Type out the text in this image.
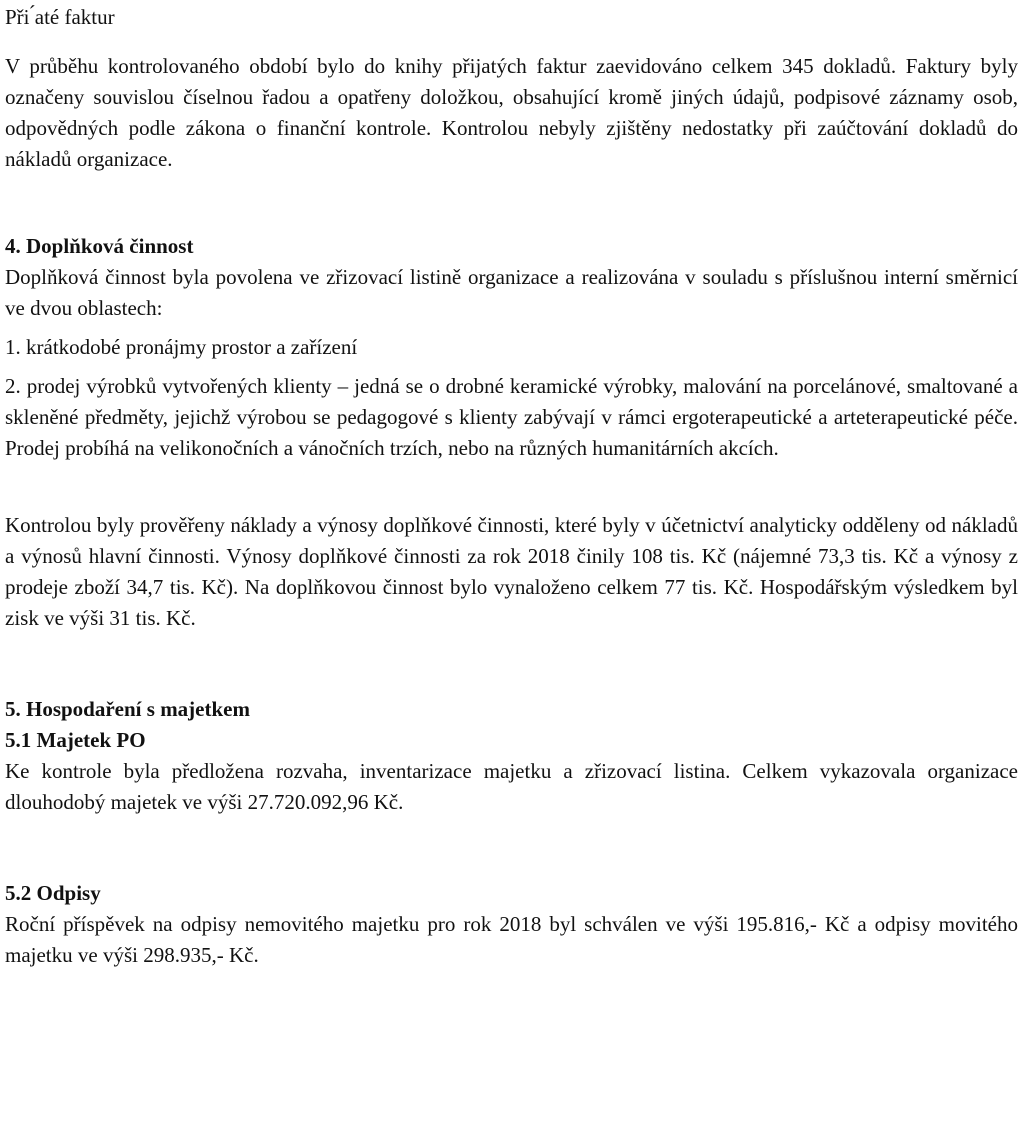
Při ́até faktur

V průběhu kontrolovaného období bylo do knihy přijatých faktur zaevidováno celkem 345 dokladů. Faktury byly označeny souvislou číselnou řadou a opatřeny doložkou, obsahující kromě jiných údajů, podpisové záznamy osob, odpovědných podle zákona o finanční kontrole. Kontrolou nebyly zjištěny nedostatky při zaúčtování dokladů do nákladů organizace.

4. Doplňková činnost

Doplňková činnost byla povolena ve zřizovací listině organizace a realizována v souladu s příslušnou interní směrnicí ve dvou oblastech:

1. krátkodobé pronájmy prostor a zařízení

2. prodej výrobků vytvořených klienty – jedná se o drobné keramické výrobky, malování na porcelánové, smaltované a skleněné předměty, jejichž výrobou se pedagogové s klienty zabývají v rámci ergoterapeutické a arteterapeutické péče. Prodej probíhá na velikonočních a vánočních trzích, nebo na různých humanitárních akcích.

Kontrolou byly prověřeny náklady a výnosy doplňkové činnosti, které byly v účetnictví analyticky odděleny od nákladů a výnosů hlavní činnosti. Výnosy doplňkové činnosti za rok 2018 činily 108 tis. Kč (nájemné 73,3 tis. Kč a výnosy z prodeje zboží 34,7 tis. Kč). Na doplňkovou činnost bylo vynaloženo celkem 77 tis. Kč. Hospodářským výsledkem byl zisk ve výši 31 tis. Kč.

5. Hospodaření s majetkem

5.1 Majetek PO

Ke kontrole byla předložena rozvaha, inventarizace majetku a zřizovací listina. Celkem vykazovala organizace dlouhodobý majetek ve výši 27.720.092,96 Kč.

5.2 Odpisy

Roční příspěvek na odpisy nemovitého majetku pro rok 2018 byl schválen ve výši 195.816,- Kč a odpisy movitého majetku ve výši 298.935,- Kč.
